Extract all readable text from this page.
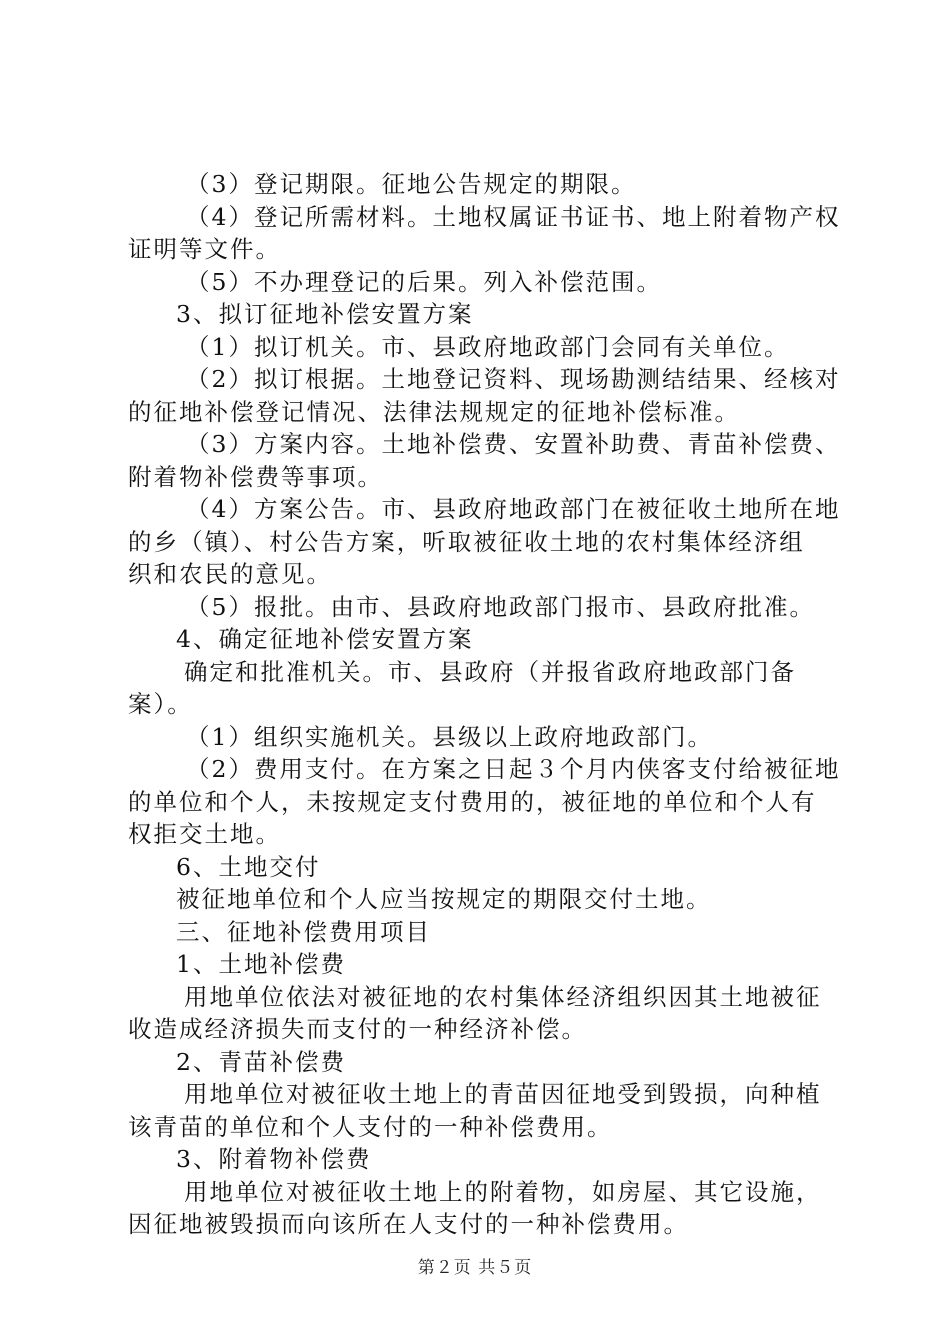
（3）登记期限。征地公告规定的期限。
（4）登记所需材料。土地权属证书证书、地上附着物产权
证明等文件。
（5）不办理登记的后果。列入补偿范围。
3、拟订征地补偿安置方案
（1）拟订机关。市、县政府地政部门会同有关单位。
（2）拟订根据。土地登记资料、现场勘测结结果、经核对
的征地补偿登记情况、法律法规规定的征地补偿标准。
（3）方案内容。土地补偿费、安置补助费、青苗补偿费、
附着物补偿费等事项。
（4）方案公告。市、县政府地政部门在被征收土地所在地
的乡（镇）、村公告方案，听取被征收土地的农村集体经济组
织和农民的意见。
（5）报批。由市、县政府地政部门报市、县政府批准。
4、确定征地补偿安置方案
确定和批准机关。市、县政府（并报省政府地政部门备
案）。
（1）组织实施机关。县级以上政府地政部门。
（2）费用支付。在方案之日起３个月内侠客支付给被征地
的单位和个人，未按规定支付费用的，被征地的单位和个人有
权拒交土地。
6、土地交付
被征地单位和个人应当按规定的期限交付土地。
三、征地补偿费用项目
1、土地补偿费
用地单位依法对被征地的农村集体经济组织因其土地被征
收造成经济损失而支付的一种经济补偿。
2、青苗补偿费
用地单位对被征收土地上的青苗因征地受到毁损，向种植
该青苗的单位和个人支付的一种补偿费用。
3、附着物补偿费
用地单位对被征收土地上的附着物，如房屋、其它设施，
因征地被毁损而向该所在人支付的一种补偿费用。
第２页 共５页
